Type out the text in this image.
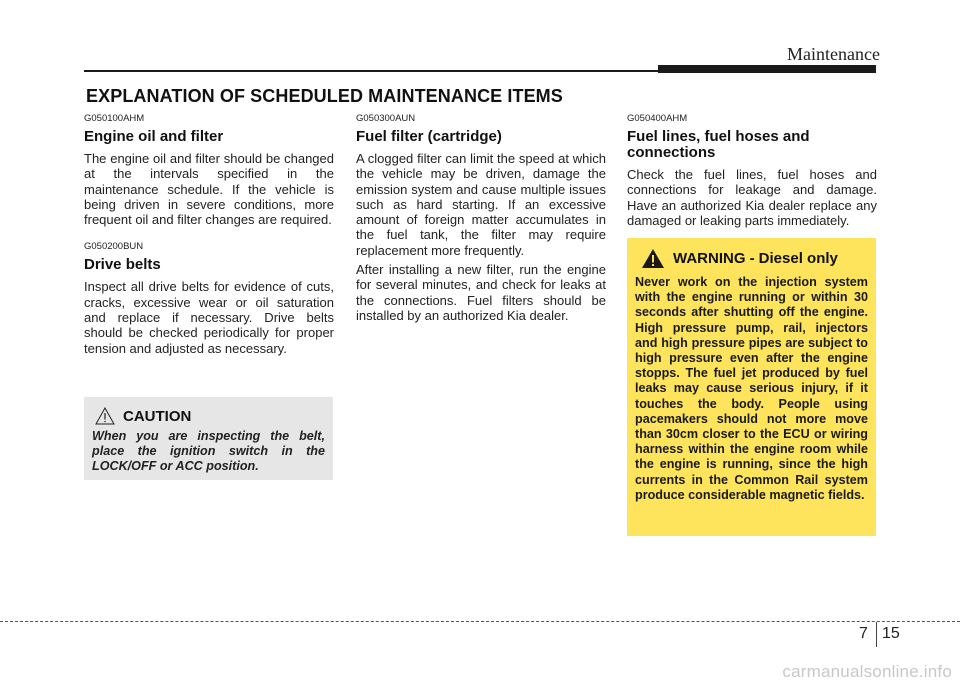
Maintenance
EXPLANATION OF SCHEDULED MAINTENANCE ITEMS
G050100AHM
Engine oil and filter

The engine oil and filter should be changed at the intervals specified in the maintenance schedule. If the vehicle is being driven in severe conditions, more frequent oil and filter changes are required.

G050200BUN
Drive belts

Inspect all drive belts for evidence of cuts, cracks, excessive wear or oil saturation and replace if necessary. Drive belts should be checked periodically for proper tension and adjusted as necessary.

G050300AUN
Fuel filter (cartridge)

A clogged filter can limit the speed at which the vehicle may be driven, damage the emission system and cause multiple issues such as hard starting. If an excessive amount of foreign matter accumulates in the fuel tank, the filter may require replacement more frequently.

After installing a new filter, run the engine for several minutes, and check for leaks at the connections. Fuel filters should be installed by an authorized Kia dealer.

G050400AHM
Fuel lines, fuel hoses and connections

Check the fuel lines, fuel hoses and connections for leakage and damage. Have an authorized Kia dealer replace any damaged or leaking parts immediately.

CAUTION

When you are inspecting the belt, place the ignition switch in the LOCK/OFF or ACC position.

WARNING - Diesel only

Never work on the injection system with the engine running or within 30 seconds after shutting off the engine. High pressure pump, rail, injectors and high pressure pipes are subject to high pressure even after the engine stopps. The fuel jet produced by fuel leaks may cause serious injury, if it touches the body. People using pacemakers should not more move than 30cm closer to the ECU or wiring harness within the engine room while the engine is running, since the high currents in the Common Rail system produce considerable magnetic fields.

7 15
carmanualsonline.info
